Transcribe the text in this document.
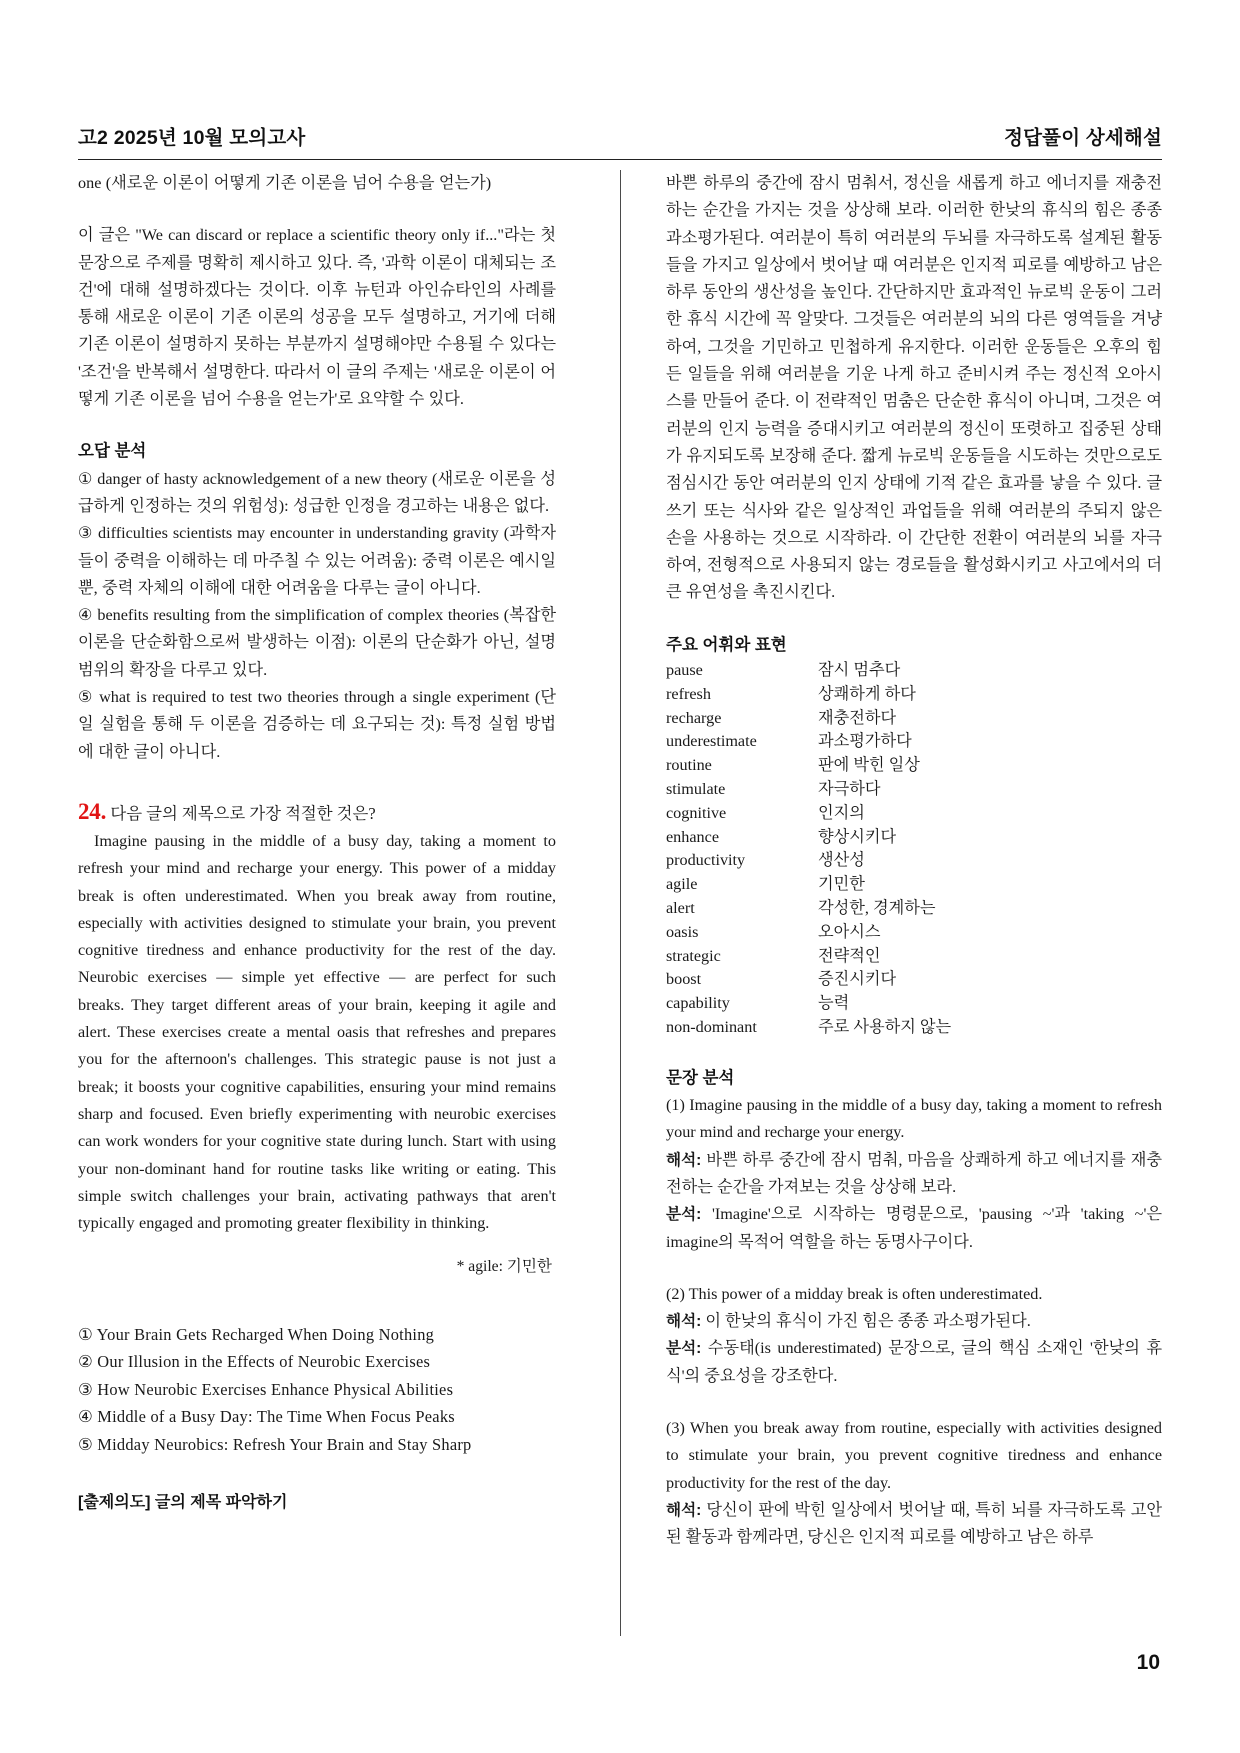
고2 2025년 10월 모의고사	정답풀이 상세해설

one (새로운 이론이 어떻게 기존 이론을 넘어 수용을 얻는가)

이 글은 "We can discard or replace a scientific theory only if..."라는 첫 문장으로 주제를 명확히 제시하고 있다. 즉, '과학 이론이 대체되는 조건'에 대해 설명하겠다는 것이다. 이후 뉴턴과 아인슈타인의 사례를 통해 새로운 이론이 기존 이론의 성공을 모두 설명하고, 거기에 더해 기존 이론이 설명하지 못하는 부분까지 설명해야만 수용될 수 있다는 '조건'을 반복해서 설명한다. 따라서 이 글의 주제는 '새로운 이론이 어떻게 기존 이론을 넘어 수용을 얻는가'로 요약할 수 있다.

오답 분석

① danger of hasty acknowledgement of a new theory (새로운 이론을 성급하게 인정하는 것의 위험성): 성급한 인정을 경고하는 내용은 없다.

③ difficulties scientists may encounter in understanding gravity (과학자들이 중력을 이해하는 데 마주칠 수 있는 어려움): 중력 이론은 예시일 뿐, 중력 자체의 이해에 대한 어려움을 다루는 글이 아니다.

④ benefits resulting from the simplification of complex theories (복잡한 이론을 단순화함으로써 발생하는 이점): 이론의 단순화가 아닌, 설명 범위의 확장을 다루고 있다.

⑤ what is required to test two theories through a single experiment (단일 실험을 통해 두 이론을 검증하는 데 요구되는 것): 특정 실험 방법에 대한 글이 아니다.

24. 다음 글의 제목으로 가장 적절한 것은?

Imagine pausing in the middle of a busy day, taking a moment to refresh your mind and recharge your energy. This power of a midday break is often underestimated. When you break away from routine, especially with activities designed to stimulate your brain, you prevent cognitive tiredness and enhance productivity for the rest of the day. Neurobic exercises — simple yet effective — are perfect for such breaks. They target different areas of your brain, keeping it agile and alert. These exercises create a mental oasis that refreshes and prepares you for the afternoon's challenges. This strategic pause is not just a break; it boosts your cognitive capabilities, ensuring your mind remains sharp and focused. Even briefly experimenting with neurobic exercises can work wonders for your cognitive state during lunch. Start with using your non-dominant hand for routine tasks like writing or eating. This simple switch challenges your brain, activating pathways that aren't typically engaged and promoting greater flexibility in thinking.

* agile: 기민한

① Your Brain Gets Recharged When Doing Nothing
② Our Illusion in the Effects of Neurobic Exercises
③ How Neurobic Exercises Enhance Physical Abilities
④ Middle of a Busy Day: The Time When Focus Peaks
⑤ Midday Neurobics: Refresh Your Brain and Stay Sharp

[출제의도] 글의 제목 파악하기

바쁜 하루의 중간에 잠시 멈춰서, 정신을 새롭게 하고 에너지를 재충전하는 순간을 가지는 것을 상상해 보라. 이러한 한낮의 휴식의 힘은 종종 과소평가된다. 여러분이 특히 여러분의 두뇌를 자극하도록 설계된 활동들을 가지고 일상에서 벗어날 때 여러분은 인지적 피로를 예방하고 남은 하루 동안의 생산성을 높인다. 간단하지만 효과적인 뉴로빅 운동이 그러한 휴식 시간에 꼭 알맞다. 그것들은 여러분의 뇌의 다른 영역들을 겨냥하여, 그것을 기민하고 민첩하게 유지한다. 이러한 운동들은 오후의 힘든 일들을 위해 여러분을 기운 나게 하고 준비시켜 주는 정신적 오아시스를 만들어 준다. 이 전략적인 멈춤은 단순한 휴식이 아니며, 그것은 여러분의 인지 능력을 증대시키고 여러분의 정신이 또렷하고 집중된 상태가 유지되도록 보장해 준다. 짧게 뉴로빅 운동들을 시도하는 것만으로도 점심시간 동안 여러분의 인지 상태에 기적 같은 효과를 낳을 수 있다. 글쓰기 또는 식사와 같은 일상적인 과업들을 위해 여러분의 주되지 않은 손을 사용하는 것으로 시작하라. 이 간단한 전환이 여러분의 뇌를 자극하여, 전형적으로 사용되지 않는 경로들을 활성화시키고 사고에서의 더 큰 유연성을 촉진시킨다.

주요 어휘와 표현

pause	잠시 멈추다
refresh	상쾌하게 하다
recharge	재충전하다
underestimate	과소평가하다
routine	판에 박힌 일상
stimulate	자극하다
cognitive	인지의
enhance	향상시키다
productivity	생산성
agile	기민한
alert	각성한, 경계하는
oasis	오아시스
strategic	전략적인
boost	증진시키다
capability	능력
non-dominant	주로 사용하지 않는

문장 분석

(1) Imagine pausing in the middle of a busy day, taking a moment to refresh your mind and recharge your energy.

해석: 바쁜 하루 중간에 잠시 멈춰, 마음을 상쾌하게 하고 에너지를 재충전하는 순간을 가져보는 것을 상상해 보라.

분석: 'Imagine'으로 시작하는 명령문으로, 'pausing ~'과 'taking ~'은 imagine의 목적어 역할을 하는 동명사구이다.

(2) This power of a midday break is often underestimated.

해석: 이 한낮의 휴식이 가진 힘은 종종 과소평가된다.

분석: 수동태(is underestimated) 문장으로, 글의 핵심 소재인 '한낮의 휴식'의 중요성을 강조한다.

(3) When you break away from routine, especially with activities designed to stimulate your brain, you prevent cognitive tiredness and enhance productivity for the rest of the day.

해석: 당신이 판에 박힌 일상에서 벗어날 때, 특히 뇌를 자극하도록 고안된 활동과 함께라면, 당신은 인지적 피로를 예방하고 남은 하루

10
